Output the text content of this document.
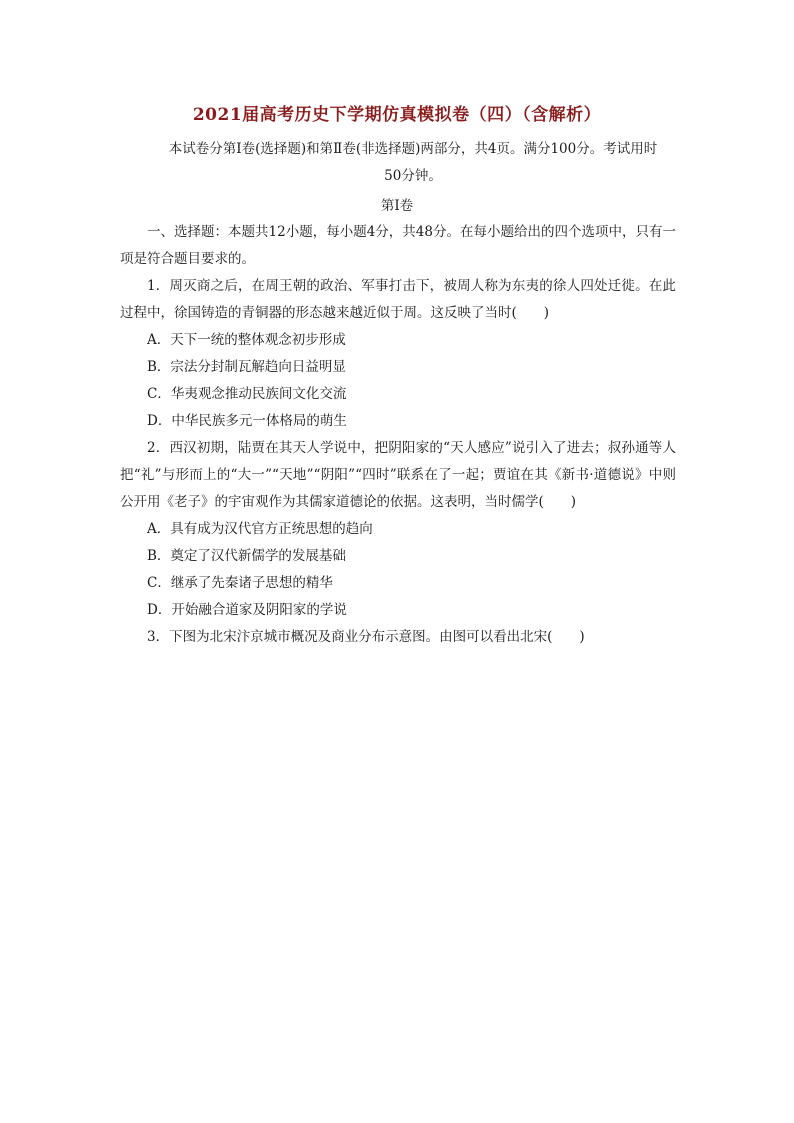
2021届高考历史下学期仿真模拟卷（四）（含解析）
本试卷分第Ⅰ卷(选择题)和第Ⅱ卷(非选择题)两部分，共4页。满分100分。考试用时
50分钟。
第Ⅰ卷

一、选择题：本题共12小题，每小题4分，共48分。在每小题给出的四个选项中，只有一项是符合题目要求的。

1．周灭商之后，在周王朝的政治、军事打击下，被周人称为东夷的徐人四处迁徙。在此过程中，徐国铸造的青铜器的形态越来越近似于周。这反映了当时(　　)

A．天下一统的整体观念初步形成

B．宗法分封制瓦解趋向日益明显

C．华夷观念推动民族间文化交流

D．中华民族多元一体格局的萌生

2．西汉初期，陆贾在其天人学说中，把阴阳家的“天人感应”说引入了进去；叔孙通等人把“礼”与形而上的“大一”“天地”“阴阳”“四时”联系在了一起；贾谊在其《新书·道德说》中则公开用《老子》的宇宙观作为其儒家道德论的依据。这表明，当时儒学(　　)

A．具有成为汉代官方正统思想的趋向

B．奠定了汉代新儒学的发展基础

C．继承了先秦诸子思想的精华

D．开始融合道家及阴阳家的学说

3．下图为北宋汴京城市概况及商业分布示意图。由图可以看出北宋(　　)
